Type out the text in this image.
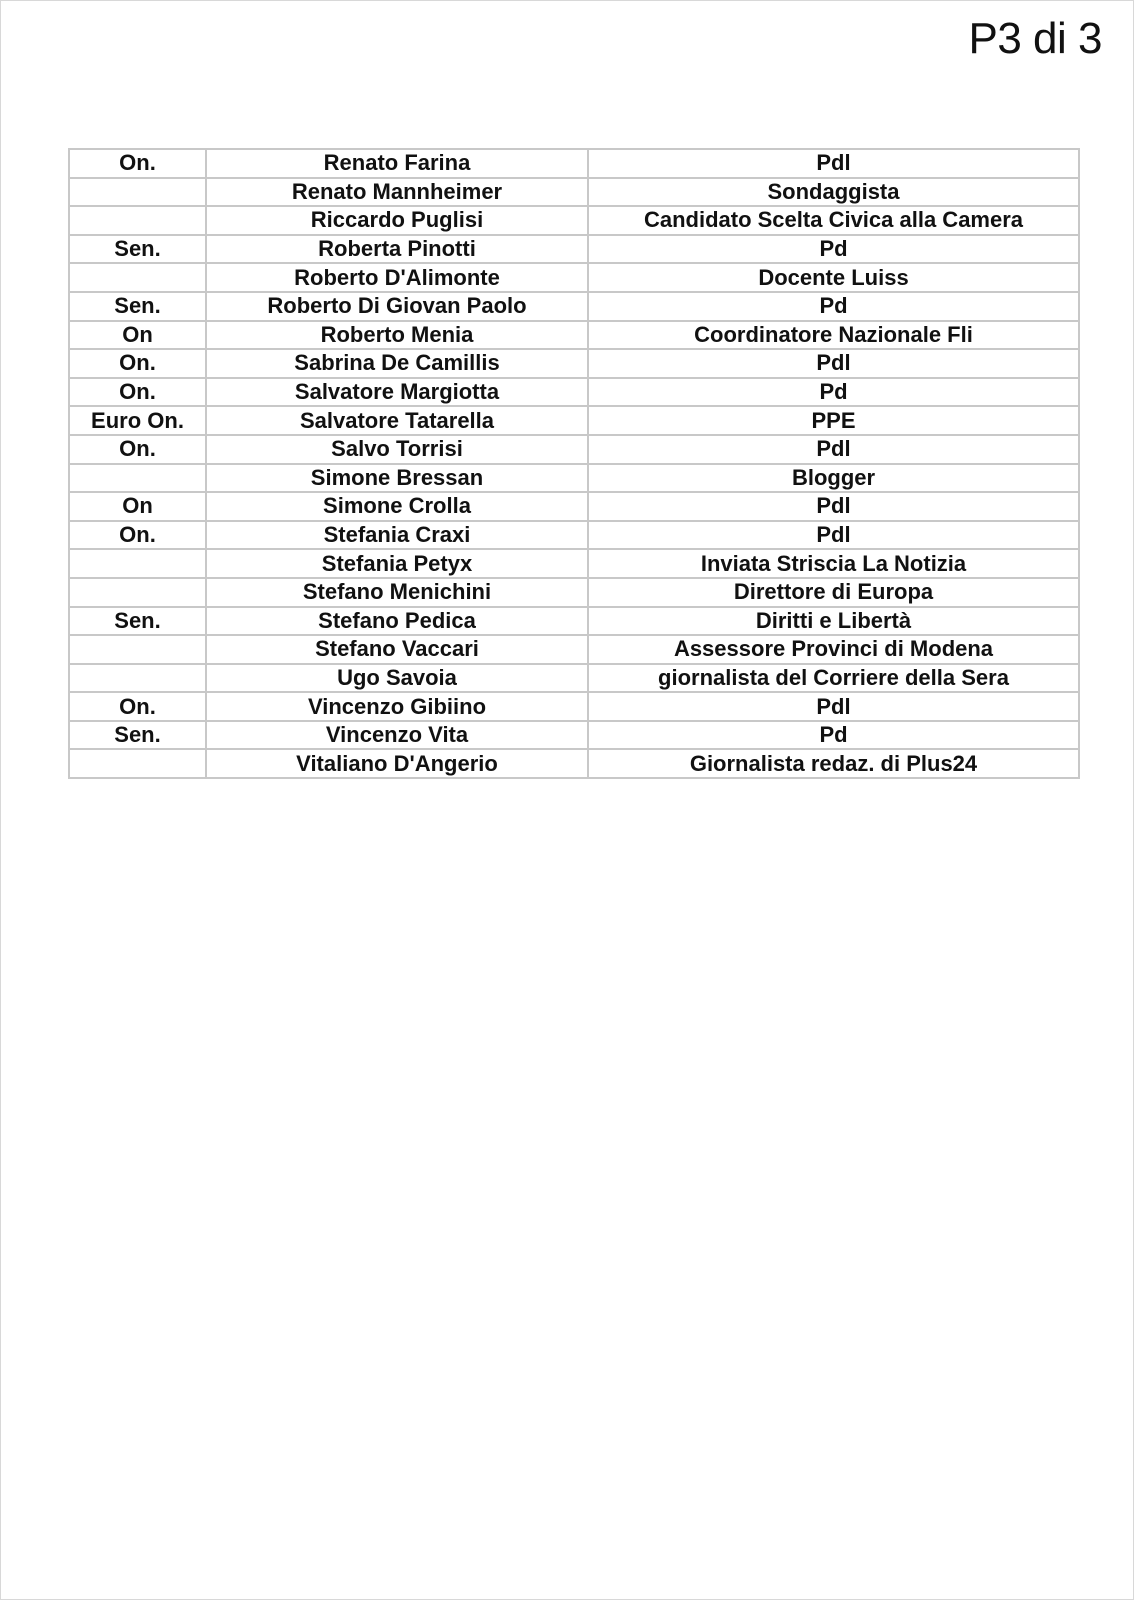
P3 di 3
On.	Renato Farina	Pdl
	Renato Mannheimer	Sondaggista
	Riccardo Puglisi	Candidato Scelta Civica alla Camera
Sen.	Roberta Pinotti	Pd
	Roberto D'Alimonte	Docente Luiss
Sen.	Roberto Di Giovan Paolo	Pd
On	Roberto Menia	Coordinatore Nazionale Fli
On.	Sabrina De Camillis	Pdl
On.	Salvatore Margiotta	Pd
Euro On.	Salvatore Tatarella	PPE
On.	Salvo Torrisi	Pdl
	Simone Bressan	Blogger
On	Simone Crolla	Pdl
On.	Stefania Craxi	Pdl
	Stefania Petyx	Inviata Striscia La Notizia
	Stefano Menichini	Direttore di Europa
Sen.	Stefano Pedica	Diritti e Libertà
	Stefano Vaccari	Assessore Provinci di Modena
	Ugo Savoia	giornalista del Corriere della Sera
On.	Vincenzo Gibiino	Pdl
Sen.	Vincenzo Vita	Pd
	Vitaliano D'Angerio	Giornalista redaz. di Plus24
